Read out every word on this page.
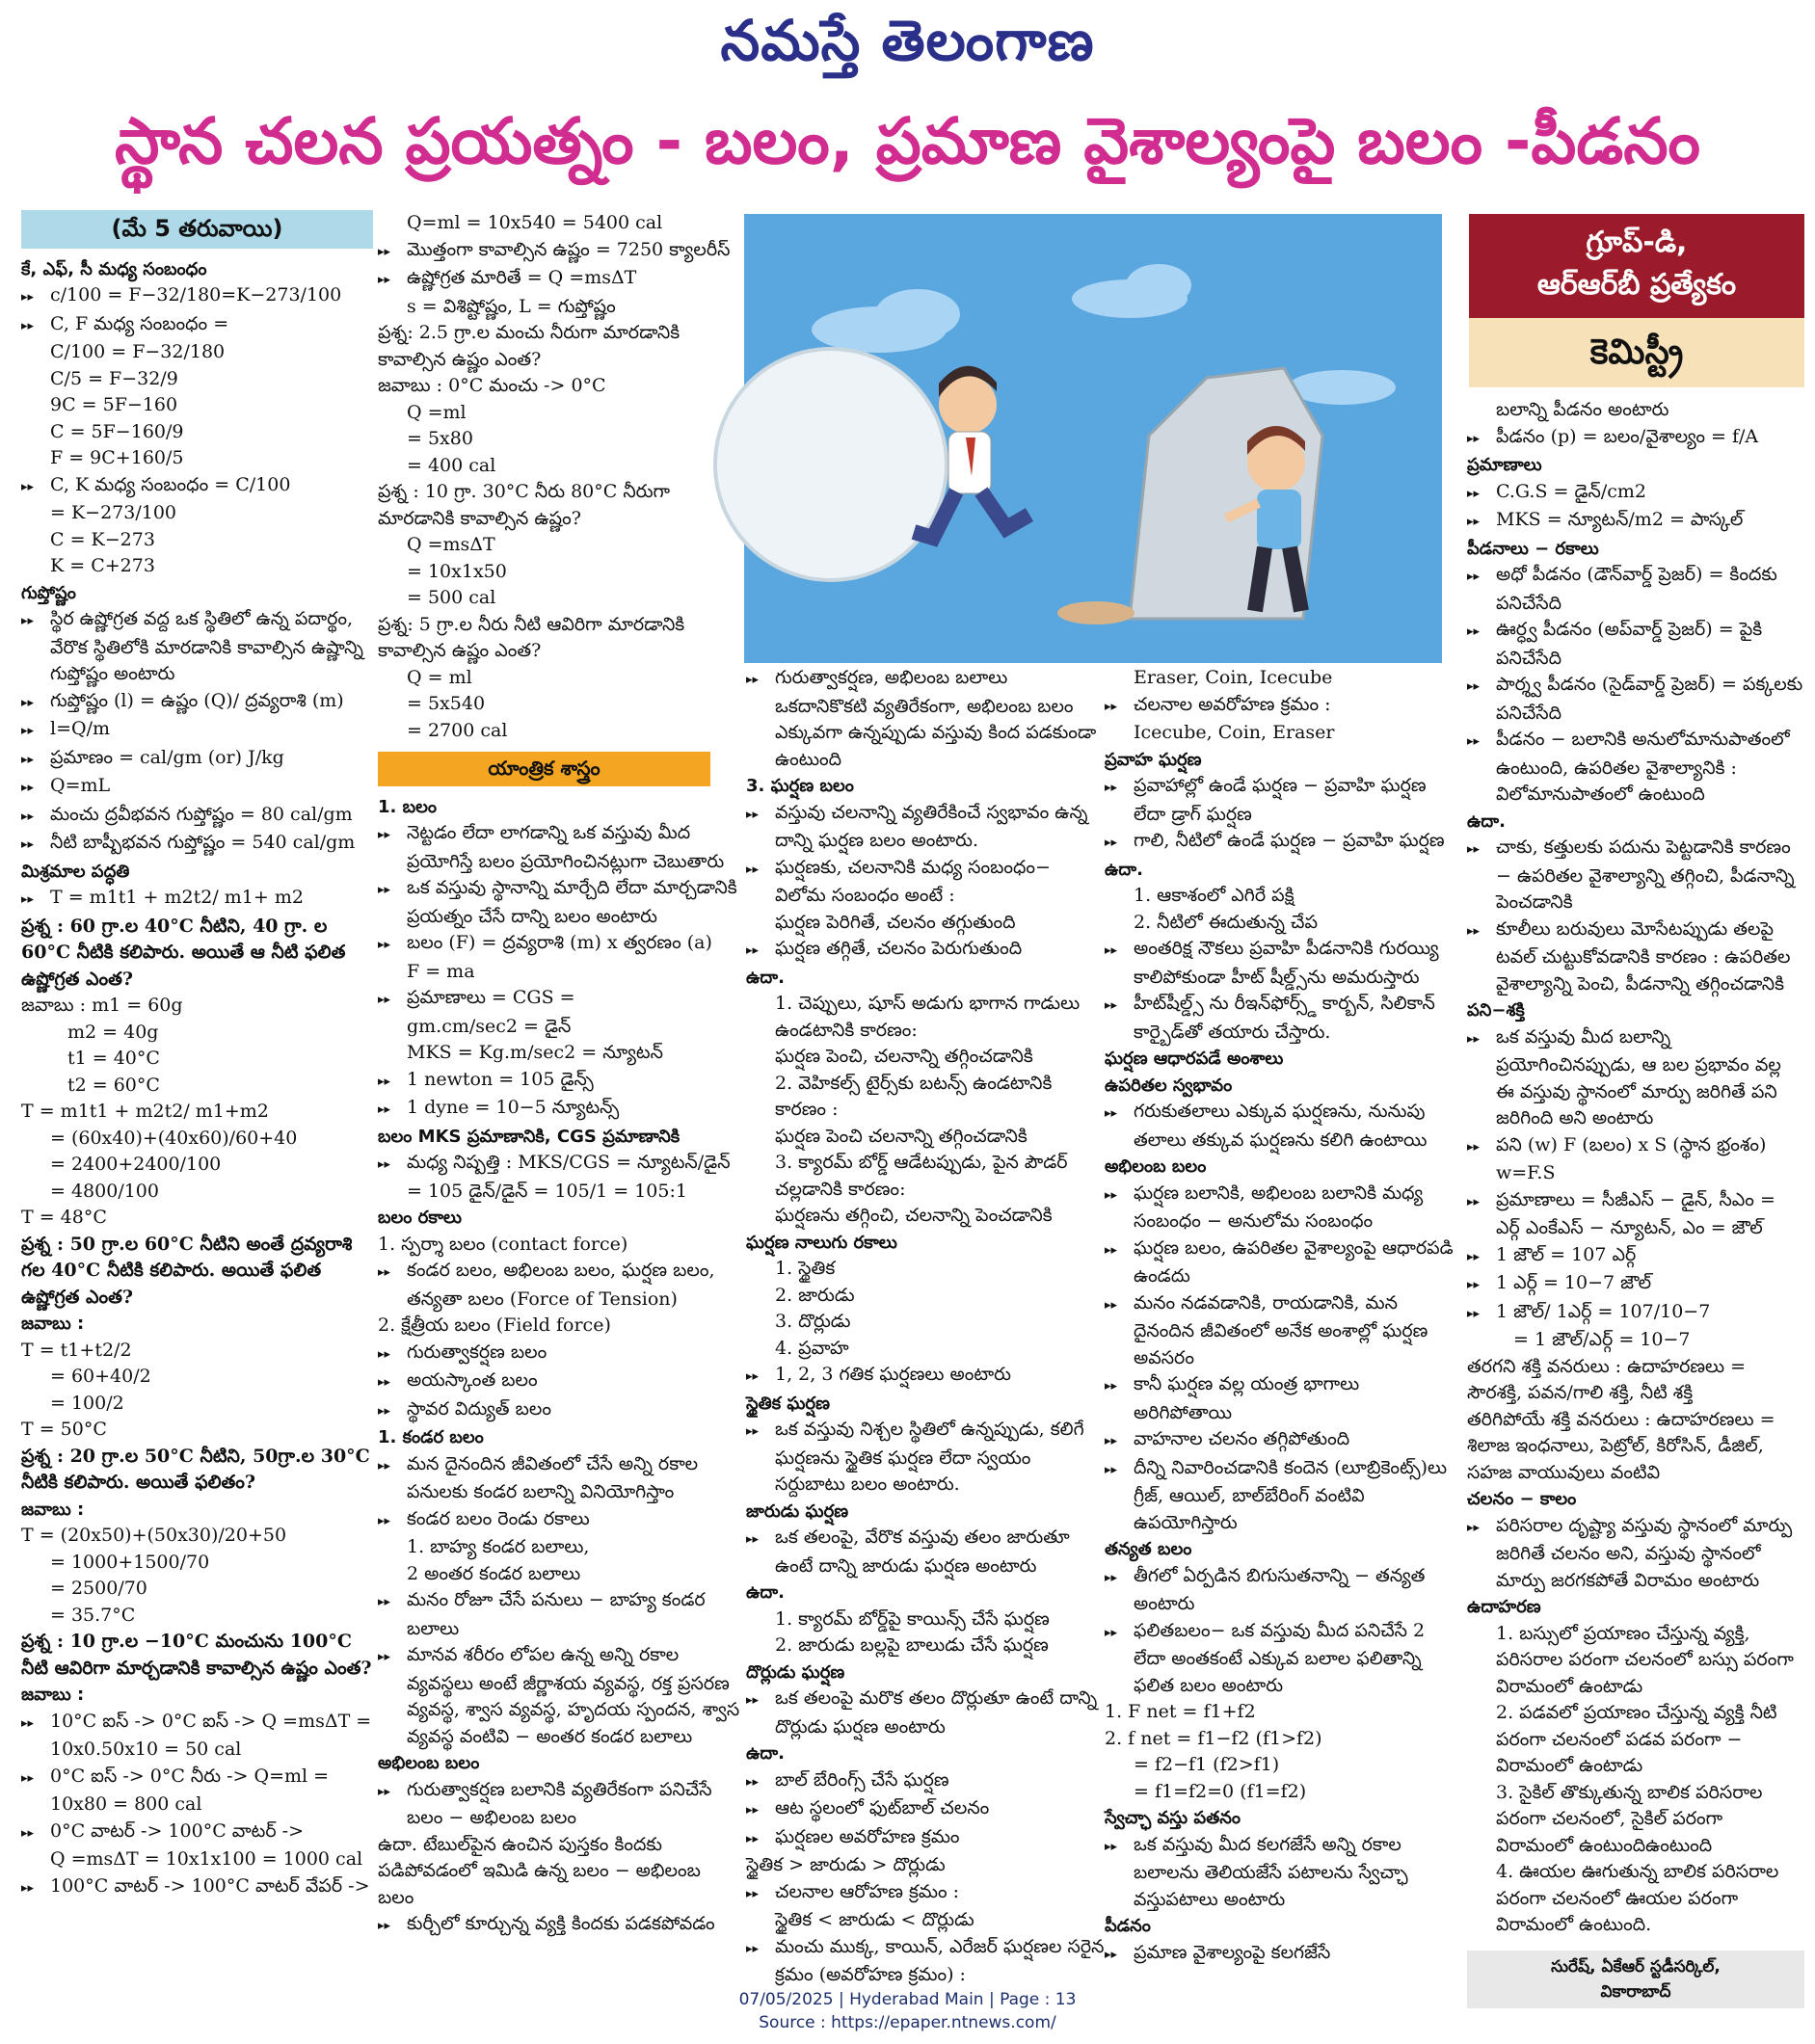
నమస్తే తెలంగాణ
స్థాన చలన ప్రయత్నం - బలం, ప్రమాణ వైశాల్యంపై బలం -పీడనం
(మే 5 తరువాయి)
కే, ఎఫ్‌, సీ మధ్య సంబంధం
▸▸ c/100 = F−32/180=K−273/100
▸▸ C, F మధ్య సంబంధం =
C/100 = F−32/180
C/5 = F−32/9
9C = 5F−160
C = 5F−160/9
F = 9C+160/5
▸▸ C, K మధ్య సంబంధం = C/100
= K−273/100
C = K−273
K = C+273
గుప్తోష్ణం
▸▸ స్థిర ఉష్ణోగ్రత వద్ద ఒక స్థితిలో ఉన్న పదార్థం, వేరొక స్థితిలోకి మారడానికి కావాల్సిన ఉష్ణాన్ని గుప్తోష్ణం అంటారు
▸▸ గుప్తోష్ణం (l) = ఉష్ణం (Q)/ ద్రవ్యరాశి (m)
▸▸ l=Q/m
▸▸ ప్రమాణం = cal/gm (or) J/kg
▸▸ Q=mL
▸▸ మంచు ద్రవీభవన గుప్తోష్ణం = 80 cal/gm
▸▸ నీటి బాష్పీభవన గుప్తోష్ణం = 540 cal/gm
మిశ్రమాల పద్ధతి
▸▸ T = m1t1 + m2t2/ m1+ m2
ప్రశ్న : 60 గ్రా.ల 40°C నీటిని, 40 గ్రా. ల 60°C నీటికి కలిపారు. అయితే ఆ నీటి ఫలిత ఉష్ణోగ్రత ఎంత?
జవాబు : m1 = 60g
m2 = 40g
t1 = 40°C
t2 = 60°C
T = m1t1 + m2t2/ m1+m2
= (60x40)+(40x60)/60+40
= 2400+2400/100
= 4800/100
T = 48°C
ప్రశ్న : 50 గ్రా.ల 60°C నీటిని అంతే ద్రవ్యరాశి గల 40°C నీటికి కలిపారు. అయితే ఫలిత ఉష్ణోగ్రత ఎంత?
జవాబు :
T = t1+t2/2
= 60+40/2
= 100/2
T = 50°C
ప్రశ్న : 20 గ్రా.ల 50°C నీటిని, 50గ్రా.ల 30°C నీటికి కలిపారు. అయితే ఫలితం?
జవాబు :
T = (20x50)+(50x30)/20+50
= 1000+1500/70
= 2500/70
= 35.7°C
ప్రశ్న : 10 గ్రా.ల −10°C మంచును 100°C నీటి ఆవిరిగా మార్చడానికి కావాల్సిన ఉష్ణం ఎంత?
జవాబు :
▸▸ 10°C ఐస్‌ -> 0°C ఐస్‌ -> Q =msΔT =
10x0.50x10 = 50 cal
▸▸ 0°C ఐస్‌ -> 0°C నీరు -> Q=ml =
10x80 = 800 cal
▸▸ 0°C వాటర్‌ -> 100°C వాటర్‌ ->
Q =msΔT = 10x1x100 = 1000 cal
▸▸ 100°C వాటర్‌ -> 100°C వాటర్‌ వేపర్‌ ->
Q=ml = 10x540 = 5400 cal
▸▸ మొత్తంగా కావాల్సిన ఉష్ణం = 7250 క్యాలరీస్‌
▸▸ ఉష్ణోగ్రత మారితే = Q =msΔT
s = విశిష్టోష్ణం, L = గుప్తోష్ణం
ప్రశ్న: 2.5 గ్రా.ల మంచు నీరుగా మారడానికి కావాల్సిన ఉష్ణం ఎంత?
జవాబు : 0°C మంచు -> 0°C
Q =ml
= 5x80
= 400 cal
ప్రశ్న : 10 గ్రా. 30°C నీరు 80°C నీరుగా మారడానికి కావాల్సిన ఉష్ణం?
Q =msΔT
= 10x1x50
= 500 cal
ప్రశ్న: 5 గ్రా.ల నీరు నీటి ఆవిరిగా మారడానికి కావాల్సిన ఉష్ణం ఎంత?
Q = ml
= 5x540
= 2700 cal
యాంత్రిక శాస్త్రం
1. బలం
▸▸ నెట్టడం లేదా లాగడాన్ని ఒక వస్తువు మీద ప్రయోగిస్తే బలం ప్రయోగించినట్లుగా చెబుతారు
▸▸ ఒక వస్తువు స్థానాన్ని మార్చేది లేదా మార్చడానికి ప్రయత్నం చేసే దాన్ని బలం అంటారు
▸▸ బలం (F) = ద్రవ్యరాశి (m) x త్వరణం (a)
F = ma
▸▸ ప్రమాణాలు = CGS =
gm.cm/sec2 = డైన్‌
MKS = Kg.m/sec2 = న్యూటన్‌
▸▸ 1 newton = 105 డైన్స్‌
▸▸ 1 dyne = 10−5 న్యూటన్స్‌
బలం MKS ప్రమాణానికి, CGS ప్రమాణానికి
▸▸ మధ్య నిష్పత్తి : MKS/CGS = న్యూటన్‌/డైన్‌
= 105 డైన్‌/డైన్‌ = 105/1 = 105:1
బలం రకాలు
1. స్పర్శా బలం (contact force)
▸▸ కండర బలం, అభిలంబ బలం, ఘర్షణ బలం, తన్యతా బలం (Force of Tension)
2. క్షేత్రీయ బలం (Field force)
▸▸ గురుత్వాకర్షణ బలం
▸▸ అయస్కాంత బలం
▸▸ స్థావర విద్యుత్‌ బలం
1. కండర బలం
▸▸ మన దైనందిన జీవితంలో చేసే అన్ని రకాల పనులకు కండర బలాన్ని వినియోగిస్తాం
▸▸ కండర బలం రెండు రకాలు
1. బాహ్య కండర బలాలు,
2 అంతర కండర బలాలు
▸▸ మనం రోజూ చేసే పనులు − బాహ్య కండర బలాలు
▸▸ మానవ శరీరం లోపల ఉన్న అన్ని రకాల వ్యవస్థలు అంటే జీర్ణాశయ వ్యవస్థ, రక్త ప్రసరణ వ్యవస్థ, శ్వాస వ్యవస్థ, హృదయ స్పందన, శ్వాస వ్యవస్థ వంటివి − అంతర కండర బలాలు
అభిలంబ బలం
▸▸ గురుత్వాకర్షణ బలానికి వ్యతిరేకంగా పనిచేసే బలం − అభిలంబ బలం
ఉదా. టేబుల్‌పైన ఉంచిన పుస్తకం కిందకు పడిపోవడంలో ఇమిడి ఉన్న బలం − అభిలంబ బలం
▸▸ కుర్చీలో కూర్చున్న వ్యక్తి కిందకు పడకపోవడం
▸▸ గురుత్వాకర్షణ, అభిలంబ బలాలు ఒకదానికొకటి వ్యతిరేకంగా, అభిలంబ బలం ఎక్కువగా ఉన్నప్పుడు వస్తువు కింద పడకుండా ఉంటుంది
3. ఘర్షణ బలం
▸▸ వస్తువు చలనాన్ని వ్యతిరేకించే స్వభావం ఉన్న దాన్ని ఘర్షణ బలం అంటారు.
▸▸ ఘర్షణకు, చలనానికి మధ్య సంబంధం− విలోమ సంబంధం అంటే :
ఘర్షణ పెరిగితే, చలనం తగ్గుతుంది
▸▸ ఘర్షణ తగ్గితే, చలనం పెరుగుతుంది
ఉదా.
1. చెప్పులు, షూస్‌ అడుగు భాగాన గాడులు ఉండటానికి కారణం:
ఘర్షణ పెంచి, చలనాన్ని తగ్గించడానికి
2. వెహికల్స్‌ టైర్స్‌కు బటన్స్‌ ఉండటానికి కారణం :
ఘర్షణ పెంచి చలనాన్ని తగ్గించడానికి
3. క్యారమ్‌ బోర్డ్‌ ఆడేటప్పుడు, పైన పౌడర్‌ చల్లడానికి కారణం:
ఘర్షణను తగ్గించి, చలనాన్ని పెంచడానికి
ఘర్షణ నాలుగు రకాలు
1. స్థైతిక
2. జారుడు
3. దొర్లుడు
4. ప్రవాహ
▸▸ 1, 2, 3 గతిక ఘర్షణలు అంటారు
స్థైతిక ఘర్షణ
▸▸ ఒక వస్తువు నిశ్చల స్థితిలో ఉన్నప్పుడు, కలిగే ఘర్షణను స్థైతిక ఘర్షణ లేదా స్వయం సర్దుబాటు బలం అంటారు.
జారుడు ఘర్షణ
▸▸ ఒక తలంపై, వేరొక వస్తువు తలం జారుతూ ఉంటే దాన్ని జారుడు ఘర్షణ అంటారు
ఉదా.
1. క్యారమ్‌ బోర్డ్‌పై కాయిన్స్‌ చేసే ఘర్షణ
2. జారుడు బల్లపై బాలుడు చేసే ఘర్షణ
దొర్లుడు ఘర్షణ
▸▸ ఒక తలంపై మరొక తలం దొర్లుతూ ఉంటే దాన్ని దొర్లుడు ఘర్షణ అంటారు
ఉదా.
▸▸ బాల్‌ బేరింగ్స్‌ చేసే ఘర్షణ
▸▸ ఆట స్థలంలో ఫుట్‌బాల్‌ చలనం
▸▸ ఘర్షణల అవరోహణ క్రమం
స్థైతిక > జారుడు > దొర్లుడు
▸▸ చలనాల ఆరోహణ క్రమం :
స్థైతిక < జారుడు < దొర్లుడు
▸▸ మంచు ముక్క, కాయిన్‌, ఎరేజర్‌ ఘర్షణల సరైన క్రమం (అవరోహణ క్రమం) :
Eraser, Coin, Icecube
▸▸ చలనాల అవరోహణ క్రమం :
Icecube, Coin, Eraser
ప్రవాహ ఘర్షణ
▸▸ ప్రవాహాల్లో ఉండే ఘర్షణ − ప్రవాహి ఘర్షణ లేదా డ్రాగ్‌ ఘర్షణ
▸▸ గాలి, నీటిలో ఉండే ఘర్షణ − ప్రవాహి ఘర్షణ
ఉదా.
1. ఆకాశంలో ఎగిరే పక్షి
2. నీటిలో ఈదుతున్న చేప
▸▸ అంతరిక్ష నౌకలు ప్రవాహి పీడనానికి గురయ్యి కాలిపోకుండా హీట్‌ షీల్డ్స్‌ను అమరుస్తారు
▸▸ హీట్‌షీల్డ్స్‌ ను రీఇన్‌ఫోర్స్డ్‌ కార్బన్‌, సిలికాన్‌ కార్బైడ్‌తో తయారు చేస్తారు.
ఘర్షణ ఆధారపడే అంశాలు
ఉపరితల స్వభావం
▸▸ గరుకుతలాలు ఎక్కువ ఘర్షణను, నునుపు తలాలు తక్కువ ఘర్షణను కలిగి ఉంటాయి
అభిలంబ బలం
▸▸ ఘర్షణ బలానికి, అభిలంబ బలానికి మధ్య సంబంధం − అనులోమ సంబంధం
▸▸ ఘర్షణ బలం, ఉపరితల వైశాల్యంపై ఆధారపడి ఉండదు
▸▸ మనం నడవడానికి, రాయడానికి, మన దైనందిన జీవితంలో అనేక అంశాల్లో ఘర్షణ అవసరం
▸▸ కానీ ఘర్షణ వల్ల యంత్ర భాగాలు అరిగిపోతాయి
▸▸ వాహనాల చలనం తగ్గిపోతుంది
▸▸ దీన్ని నివారించడానికి కందెన (లూబ్రికెంట్స్‌)లు గ్రీజ్‌, ఆయిల్‌, బాల్‌బేరింగ్‌ వంటివి ఉపయోగిస్తారు
తన్యత బలం
▸▸ తీగలో ఏర్పడిన బిగుసుతనాన్ని − తన్యత అంటారు
▸▸ ఫలితబలం− ఒక వస్తువు మీద పనిచేసే 2 లేదా అంతకంటే ఎక్కువ బలాల ఫలితాన్ని ఫలిత బలం అంటారు
1. F net = f1+f2
2. f net = f1−f2 (f1>f2)
= f2−f1 (f2>f1)
= f1=f2=0 (f1=f2)
స్వేచ్ఛా వస్తు పతనం
▸▸ ఒక వస్తువు మీద కలగజేసే అన్ని రకాల బలాలను తెలియజేసే పటాలను స్వేచ్ఛా వస్తుపటాలు అంటారు
పీడనం
▸▸ ప్రమాణ వైశాల్యంపై కలగజేసే
గ్రూప్‌-డి,
ఆర్‌ఆర్‌బీ ప్రత్యేకం
కెమిస్ట్రీ
బలాన్ని పీడనం అంటారు
▸▸ పీడనం (p) = బలం/వైశాల్యం = f/A
ప్రమాణాలు
▸▸ C.G.S = డైన్‌/cm2
▸▸ MKS = న్యూటన్‌/m2 = పాస్కల్‌
పీడనాలు − రకాలు
▸▸ అధో పీడనం (డౌన్‌వార్డ్‌ ప్రెజర్‌) = కిందకు పనిచేసేది
▸▸ ఊర్ధ్వ పీడనం (అప్‌వార్డ్‌ ప్రెజర్‌) = పైకి పనిచేసేది
▸▸ పార్శ్వ పీడనం (సైడ్‌వార్డ్‌ ప్రెజర్‌) = పక్కలకు పనిచేసేది
▸▸ పీడనం − బలానికి అనులోమానుపాతంలో ఉంటుంది, ఉపరితల వైశాల్యానికి : విలోమానుపాతంలో ఉంటుంది
ఉదా.
▸▸ చాకు, కత్తులకు పదును పెట్టడానికి కారణం − ఉపరితల వైశాల్యాన్ని తగ్గించి, పీడనాన్ని పెంచడానికి
▸▸ కూలీలు బరువులు మోసేటప్పుడు తలపై టవల్‌ చుట్టుకోవడానికి కారణం : ఉపరితల వైశాల్యాన్ని పెంచి, పీడనాన్ని తగ్గించడానికి
పని−శక్తి
▸▸ ఒక వస్తువు మీద బలాన్ని ప్రయోగించినప్పుడు, ఆ బల ప్రభావం వల్ల ఈ వస్తువు స్థానంలో మార్పు జరిగితే పని జరిగింది అని అంటారు
▸▸ పని (w) F (బలం) x S (స్థాన భ్రంశం)
w=F.S
▸▸ ప్రమాణాలు = సీజీఎస్‌ − డైన్‌, సీఎం = ఎర్గ్‌ ఎంకేఎస్‌ − న్యూటన్‌, ఎం = జౌల్‌
▸▸ 1 జౌల్‌ = 107 ఎర్గ్‌
▸▸ 1 ఎర్గ్‌ = 10−7 జౌల్‌
▸▸ 1 జౌల్‌/ 1ఎర్గ్‌ = 107/10−7
= 1 జౌల్‌/ఎర్గ్‌ = 10−7
తరగని శక్తి వనరులు : ఉదాహరణలు = సౌరశక్తి, పవన/గాలి శక్తి, నీటి శక్తి
తరిగిపోయే శక్తి వనరులు : ఉదాహరణలు = శిలాజ ఇంధనాలు, పెట్రోల్‌, కిరోసిన్‌, డీజిల్‌, సహజ వాయువులు వంటివి
చలనం − కాలం
▸▸ పరిసరాల దృష్ట్యా వస్తువు స్థానంలో మార్పు జరిగితే చలనం అని, వస్తువు స్థానంలో మార్పు జరగకపోతే విరామం అంటారు
ఉదాహరణ
1. బస్సులో ప్రయాణం చేస్తున్న వ్యక్తి, పరిసరాల పరంగా చలనంలో బస్సు పరంగా విరామంలో ఉంటాడు
2. పడవలో ప్రయాణం చేస్తున్న వ్యక్తి నీటి పరంగా చలనంలో పడవ పరంగా − విరామంలో ఉంటాడు
3. సైకిల్‌ తొక్కుతున్న బాలిక పరిసరాల పరంగా చలనంలో, సైకిల్‌ పరంగా విరామంలో ఉంటుందిఉంటుంది
4. ఊయల ఊగుతున్న బాలిక పరిసరాల పరంగా చలనంలో ఊయల పరంగా విరామంలో ఉంటుంది.
సురేష్‌, ఏకేఆర్‌ స్టడీసర్కిల్‌,
వికారాబాద్‌
07/05/2025 | Hyderabad Main | Page : 13
Source : https://epaper.ntnews.com/
